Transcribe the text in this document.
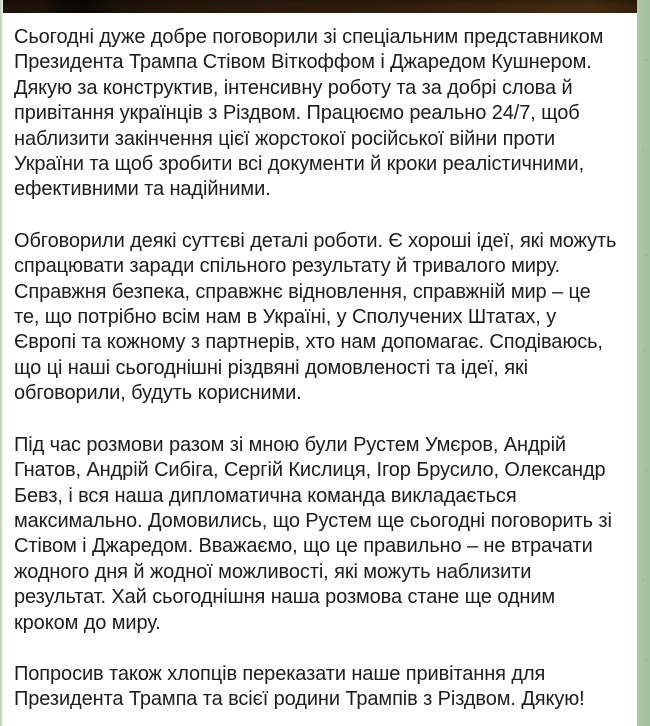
Сьогодні дуже добре поговорили зі спеціальним представником Президента Трампа Стівом Віткоффом і Джаредом Кушнером. Дякую за конструктив, інтенсивну роботу та за добрі слова й привітання українців з Різдвом. Працюємо реально 24/7, щоб наблизити закінчення цієї жорстокої російської війни проти України та щоб зробити всі документи й кроки реалістичними, ефективними та надійними.

Обговорили деякі суттєві деталі роботи. Є хороші ідеї, які можуть спрацювати заради спільного результату й тривалого миру. Справжня безпека, справжнє відновлення, справжній мир – це те, що потрібно всім нам в Україні, у Сполучених Штатах, у Європі та кожному з партнерів, хто нам допомагає. Сподіваюсь, що ці наші сьогоднішні різдвяні домовленості та ідеї, які обговорили, будуть корисними.

Під час розмови разом зі мною були Рустем Умєров, Андрій Гнатов, Андрій Сибіга, Сергій Кислиця, Ігор Брусило, Олександр Бевз, і вся наша дипломатична команда викладається максимально. Домовились, що Рустем ще сьогодні поговорить зі Стівом і Джаредом. Вважаємо, що це правильно – не втрачати жодного дня й жодної можливості, які можуть наблизити результат. Хай сьогоднішня наша розмова стане ще одним кроком до миру.

Попросив також хлопців переказати наше привітання для Президента Трампа та всієї родини Трампів з Різдвом. Дякую!
